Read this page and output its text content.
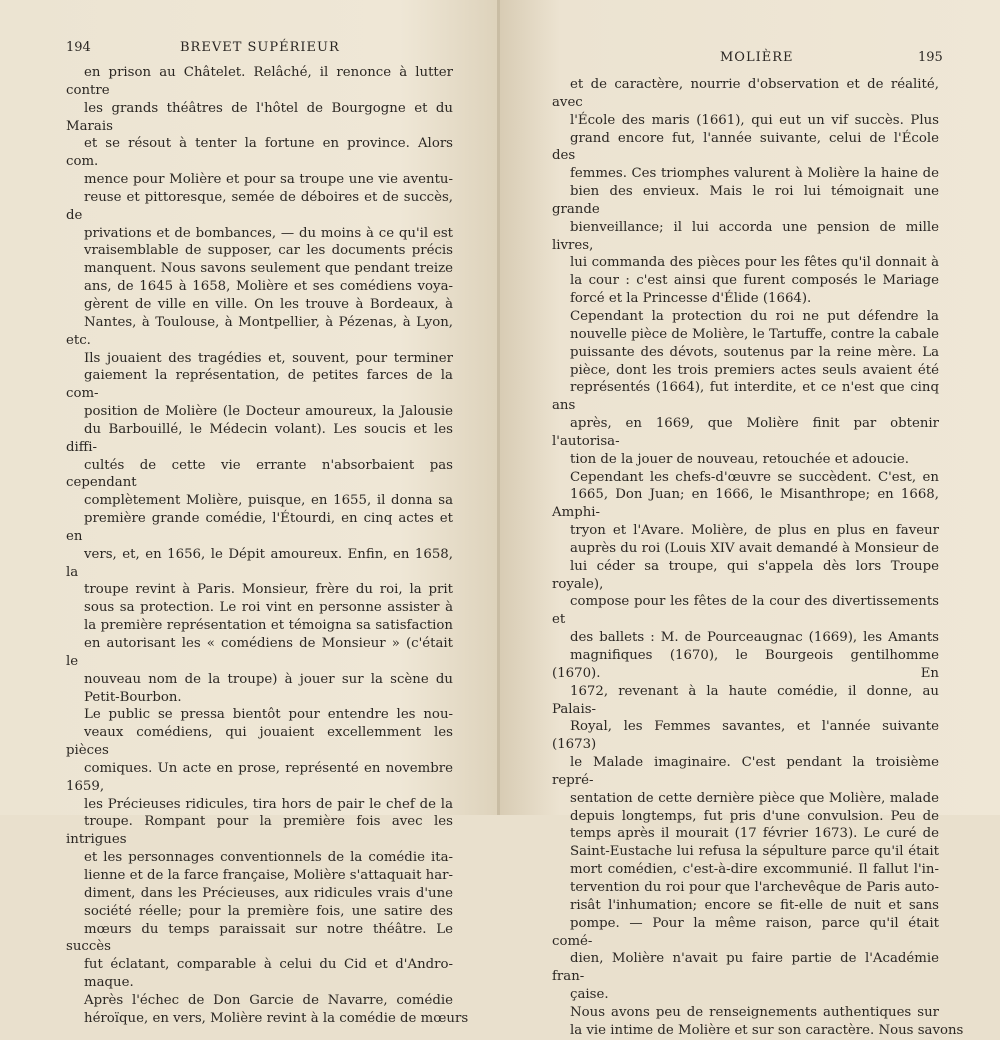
194	BREVET SUPÉRIEUR

en prison au Châtelet. Relâché, il renonce à lutter contre
les grands théâtres de l'hôtel de Bourgogne et du Marais
et se résout à tenter la fortune en province. Alors com.
mence pour Molière et pour sa troupe une vie aventu-
reuse et pittoresque, semée de déboires et de succès, de
privations et de bombances, — du moins à ce qu'il est
vraisemblable de supposer, car les documents précis
manquent. Nous savons seulement que pendant treize
ans, de 1645 à 1658, Molière et ses comédiens voya-
gèrent de ville en ville. On les trouve à Bordeaux, à
Nantes, à Toulouse, à Montpellier, à Pézenas, à Lyon, etc.
Ils jouaient des tragédies et, souvent, pour terminer
gaiement la représentation, de petites farces de la com-
position de Molière (le Docteur amoureux, la Jalousie
du Barbouillé, le Médecin volant). Les soucis et les diffi-
cultés de cette vie errante n'absorbaient pas cependant
complètement Molière, puisque, en 1655, il donna sa
première grande comédie, l'Étourdi, en cinq actes et en
vers, et, en 1656, le Dépit amoureux. Enfin, en 1658, la
troupe revint à Paris. Monsieur, frère du roi, la prit
sous sa protection. Le roi vint en personne assister à
la première représentation et témoigna sa satisfaction
en autorisant les « comédiens de Monsieur » (c'était le
nouveau nom de la troupe) à jouer sur la scène du
Petit-Bourbon.

Le public se pressa bientôt pour entendre les nou-
veaux comédiens, qui jouaient excellemment les pièces
comiques. Un acte en prose, représenté en novembre 1659,
les Précieuses ridicules, tira hors de pair le chef de la
troupe. Rompant pour la première fois avec les intrigues
et les personnages conventionnels de la comédie ita-
lienne et de la farce française, Molière s'attaquait har-
diment, dans les Précieuses, aux ridicules vrais d'une
société réelle; pour la première fois, une satire des
mœurs du temps paraissait sur notre théâtre. Le succès
fut éclatant, comparable à celui du Cid et d'Andro-
maque.

Après l'échec de Don Garcie de Navarre, comédie
héroïque, en vers, Molière revint à la comédie de mœurs

MOLIÈRE	195

et de caractère, nourrie d'observation et de réalité, avec
l'École des maris (1661), qui eut un vif succès. Plus
grand encore fut, l'année suivante, celui de l'École des
femmes. Ces triomphes valurent à Molière la haine de
bien des envieux. Mais le roi lui témoignait une grande
bienveillance; il lui accorda une pension de mille livres,
lui commanda des pièces pour les fêtes qu'il donnait à
la cour : c'est ainsi que furent composés le Mariage
forcé et la Princesse d'Élide (1664).

Cependant la protection du roi ne put défendre la
nouvelle pièce de Molière, le Tartuffe, contre la cabale
puissante des dévots, soutenus par la reine mère. La
pièce, dont les trois premiers actes seuls avaient été
représentés (1664), fut interdite, et ce n'est que cinq ans
après, en 1669, que Molière finit par obtenir l'autorisa-
tion de la jouer de nouveau, retouchée et adoucie.

Cependant les chefs-d'œuvre se succèdent. C'est, en
1665, Don Juan; en 1666, le Misanthrope; en 1668, Amphi-
tryon et l'Avare. Molière, de plus en plus en faveur
auprès du roi (Louis XIV avait demandé à Monsieur de
lui céder sa troupe, qui s'appela dès lors Troupe royale),
compose pour les fêtes de la cour des divertissements et
des ballets : M. de Pourceaugnac (1669), les Amants
magnifiques (1670), le Bourgeois gentilhomme (1670). En
1672, revenant à la haute comédie, il donne, au Palais-
Royal, les Femmes savantes, et l'année suivante (1673)
le Malade imaginaire. C'est pendant la troisième repré-
sentation de cette dernière pièce que Molière, malade
depuis longtemps, fut pris d'une convulsion. Peu de
temps après il mourait (17 février 1673). Le curé de
Saint-Eustache lui refusa la sépulture parce qu'il était
mort comédien, c'est-à-dire excommunié. Il fallut l'in-
tervention du roi pour que l'archevêque de Paris auto-
risât l'inhumation; encore se fit-elle de nuit et sans
pompe. — Pour la même raison, parce qu'il était comé-
dien, Molière n'avait pu faire partie de l'Académie fran-
çaise.

Nous avons peu de renseignements authentiques sur
la vie intime de Molière et sur son caractère. Nous savons
